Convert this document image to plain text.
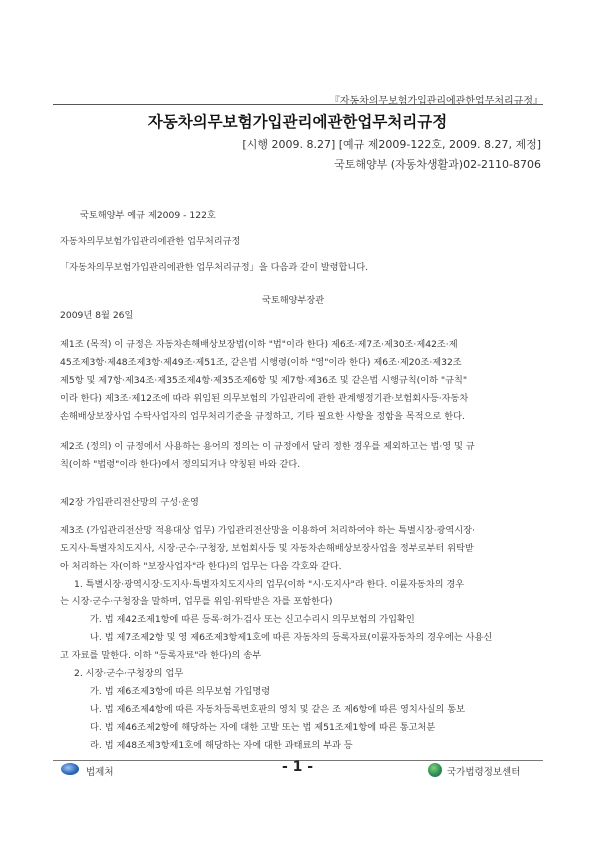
『자동차의무보험가입관리에관한업무처리규정』
자동차의무보험가입관리에관한업무처리규정
[시행 2009. 8.27] [예규 제2009-122호, 2009. 8.27, 제정]
국토해양부 (자동차생활과)02-2110-8706
국토해양부 예규 제2009 - 122호
자동차의무보험가입관리에관한 업무처리규정
「자동차의무보험가입관리에관한 업무처리규정」을 다음과 같이 발령합니다.
국토해양부장관
2009년 8월 26일
제1조 (목적) 이 규정은 자동차손해배상보장법(이하 "법"이라 한다) 제6조·제7조·제30조·제42조·제
45조제3항·제48조제3항·제49조·제51조, 같은법 시행령(이하 "영"이라 한다) 제6조·제20조·제32조
제5항 및 제7항·제34조·제35조제4항·제35조제6항 및 제7항·제36조 및 같은법 시행규칙(이하 "규칙"
이라 한다) 제3조·제12조에 따라 위임된 의무보험의 가입관리에 관한 관계행정기관·보험회사등·자동차
손해배상보장사업 수탁사업자의 업무처리기준을 규정하고, 기타 필요한 사항을 정함을 목적으로 한다.
제2조 (정의) 이 규정에서 사용하는 용어의 정의는 이 규정에서 달리 정한 경우를 제외하고는 법·영 및 규
칙(이하 "법령"이라 한다)에서 정의되거나 약칭된 바와 같다.
제2장 가입관리전산망의 구성·운영
제3조 (가입관리전산망 적용대상 업무) 가입관리전산망을 이용하여 처리하여야 하는 특별시장·광역시장·
도지사·특별자치도지사, 시장·군수·구청장, 보험회사등 및 자동차손해배상보장사업을 정부로부터 위탁받
아 처리하는 자(이하 "보장사업자"라 한다)의 업무는 다음 각호와 같다.
1. 특별시장·광역시장·도지사·특별자치도지사의 업무(이하 "시·도지사"라 한다. 이륜자동차의 경우
는 시장·군수·구청장을 말하며, 업무를 위임·위탁받은 자를 포함한다)
가. 법 제42조제1항에 따른 등록·허가·검사 또는 신고수리시 의무보험의 가입확인
나. 법 제7조제2항 및 영 제6조제3항제1호에 따른 자동차의 등록자료(이륜자동차의 경우에는 사용신
고 자료를 말한다. 이하 "등록자료"라 한다)의 송부
2. 시장·군수·구청장의 업무
가. 법 제6조제3항에 따른 의무보험 가입명령
나. 법 제6조제4항에 따른 자동차등록번호판의 영치 및 같은 조 제6항에 따른 영치사실의 통보
다. 법 제46조제2항에 해당하는 자에 대한 고발 또는 법 제51조제1항에 따른 통고처분
라. 법 제48조제3항제1호에 해당하는 자에 대한 과태료의 부과 등
법제처	- 1 -	국가법령정보센터
